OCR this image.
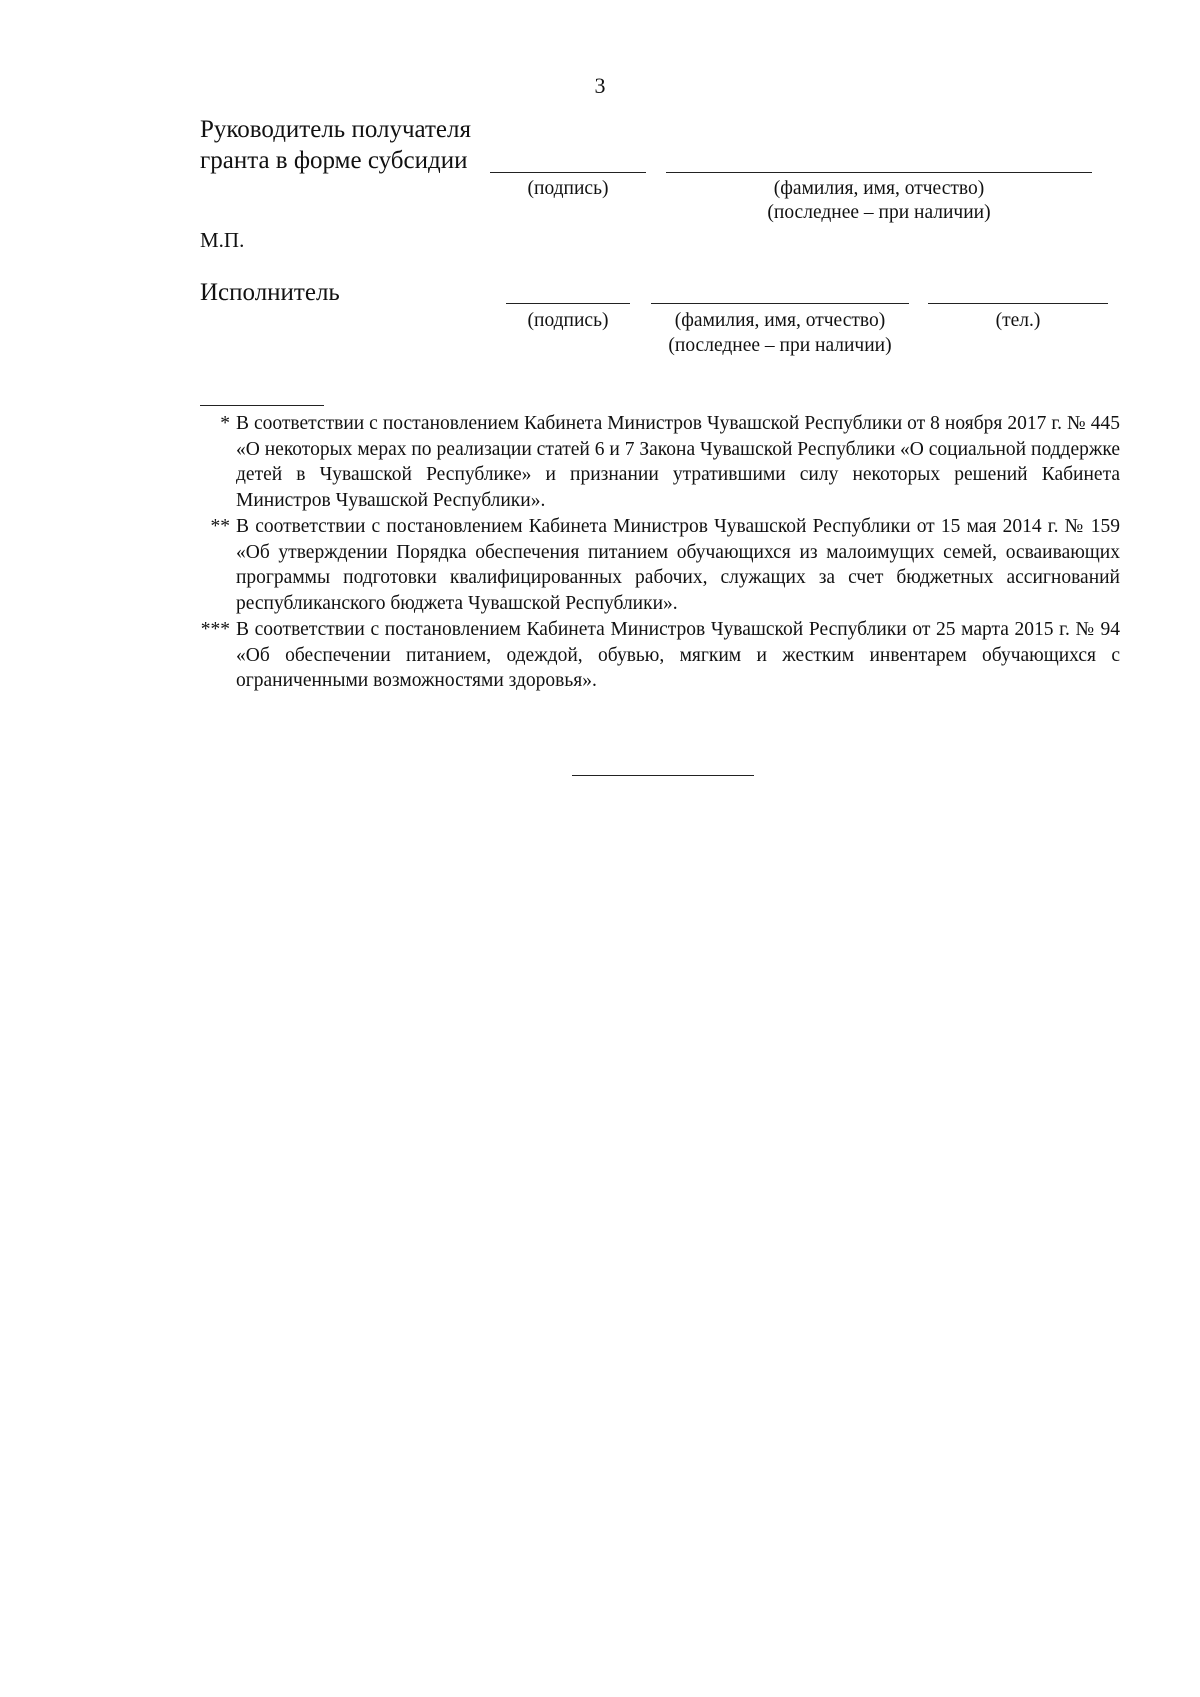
3
Руководитель получателя
гранта в форме субсидии
(подпись)	(фамилия, имя, отчество)
(последнее – при наличии)
М.П.
Исполнитель
(подпись)	(фамилия, имя, отчество)
(последнее – при наличии)
(тел.)
* В соответствии с постановлением Кабинета Министров Чувашской Республики от 8 ноября 2017 г. № 445 «О некоторых мерах по реализации статей 6 и 7 Закона Чувашской Республики «О социальной поддержке детей в Чувашской Республике» и признании утратившими силу некоторых решений Кабинета Министров Чувашской Республики».
** В соответствии с постановлением Кабинета Министров Чувашской Республики от 15 мая 2014 г. № 159 «Об утверждении Порядка обеспечения питанием обучающихся из малоимущих семей, осваивающих программы подготовки квалифицированных рабочих, служащих за счет бюджетных ассигнований республиканского бюджета Чувашской Республики».
*** В соответствии с постановлением Кабинета Министров Чувашской Республики от 25 марта 2015 г. № 94 «Об обеспечении питанием, одеждой, обувью, мягким и жестким инвентарем обучающихся с ограниченными возможностями здоровья».
